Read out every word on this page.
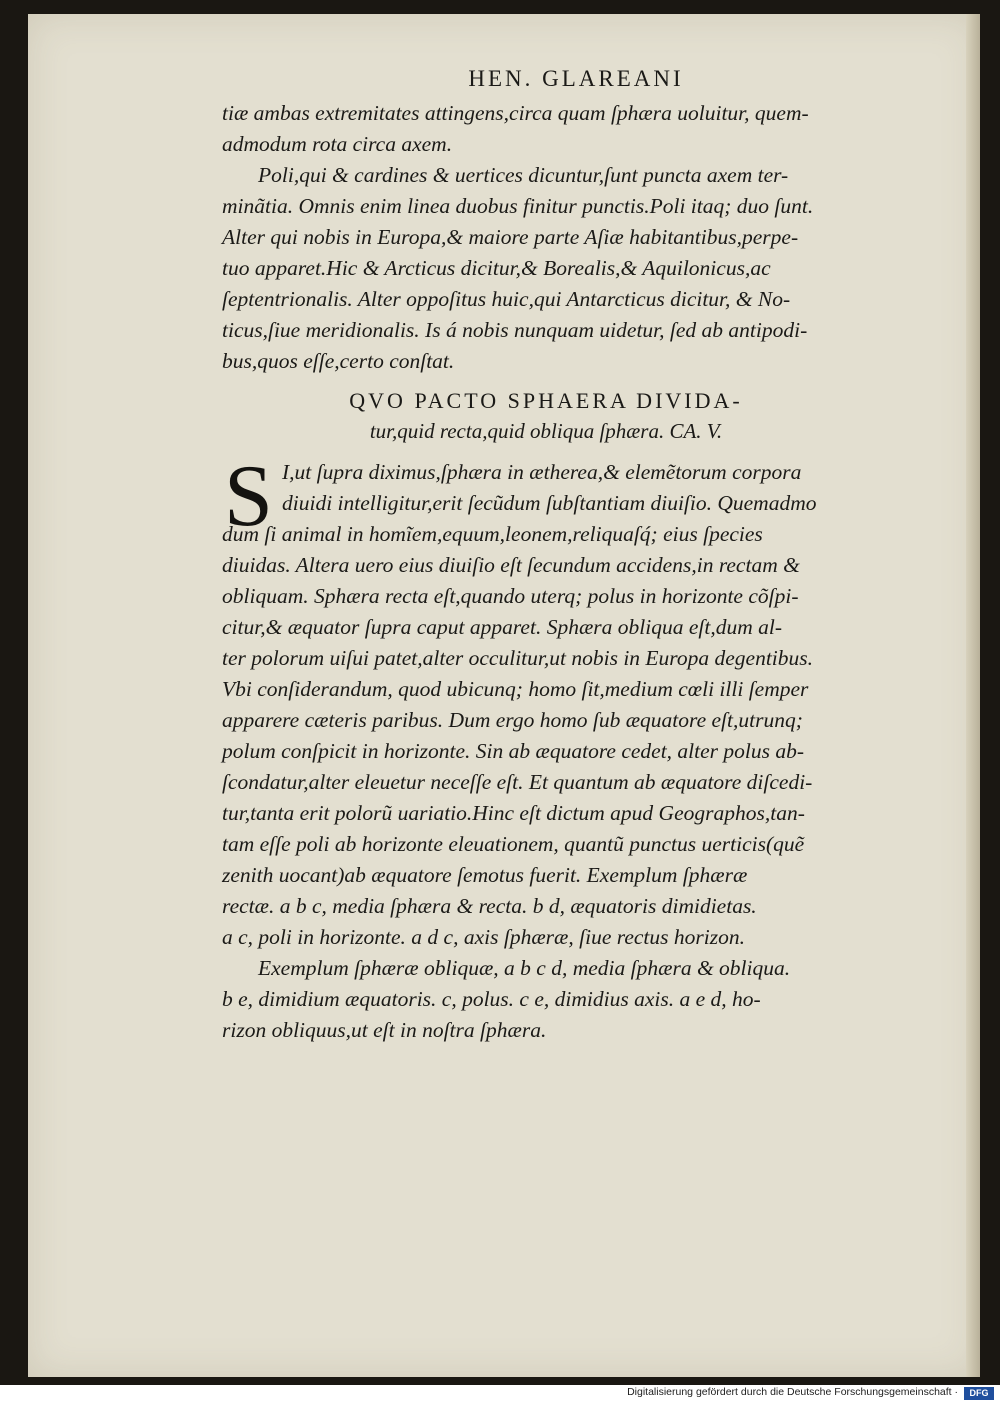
HEN. GLAREANI

tiæ ambas extremitates attingens,circa quam ſphæra uoluitur, quem-

admodum rota circa axem.

Poli,qui & cardines & uertices dicuntur,ſunt puncta axem ter-

minãtia. Omnis enim linea duobus finitur punctis.Poli itaq; duo ſunt.

Alter qui nobis in Europa,& maiore parte Aſiæ habitantibus,perpe-

tuo apparet.Hic & Arcticus dicitur,& Borealis,& Aquilonicus,ac

ſeptentrionalis. Alter oppoſitus huic,qui Antarcticus dicitur, & No-

ticus,ſiue meridionalis. Is á nobis nunquam uidetur, ſed ab antipodi-

bus,quos eſſe,certo conſtat.

QVO PACTO SPHAERA DIVIDA-
tur,quid recta,quid obliqua ſphæra. CA. V.
S I,ut ſupra diximus,ſphæra in ætherea,& elemẽtorum corpora

diuidi intelligitur,erit ſecũdum ſubſtantiam diuiſio. Quemadmo

dum ſi animal in homĩem,equum,leonem,reliquaſq́; eius ſpecies

diuidas. Altera uero eius diuiſio eſt ſecundum accidens,in rectam &

obliquam. Sphæra recta eſt,quando uterq; polus in horizonte cõſpi-

citur,& æquator ſupra caput apparet. Sphæra obliqua eſt,dum al-

ter polorum uiſui patet,alter occulitur,ut nobis in Europa degentibus.

Vbi conſiderandum, quod ubicunq; homo ſit,medium cœli illi ſemper

apparere cæteris paribus. Dum ergo homo ſub æquatore eſt,utrunq;

polum conſpicit in horizonte. Sin ab æquatore cedet, alter polus ab-

ſcondatur,alter eleuetur neceſſe eſt. Et quantum ab æquatore diſcedi-

tur,tanta erit polorũ uariatio.Hinc eſt dictum apud Geographos,tan-

tam eſſe poli ab horizonte eleuationem, quantũ punctus uerticis(quẽ

zenith uocant)ab æquatore ſemotus fuerit. Exemplum ſphæræ

rectæ. a b c, media ſphæra & recta. b d, æquatoris dimidietas.

a c, poli in horizonte. a d c, axis ſphæræ, ſiue rectus horizon.

Exemplum ſphæræ obliquæ, a b c d, media ſphæra & obliqua.

b e, dimidium æquatoris. c, polus. c e, dimidius axis. a e d, ho-

rizon obliquus,ut eſt in noſtra ſphæra.

Digitalisierung gefördert durch die Deutsche Forschungsgemeinschaft ·	DFG
